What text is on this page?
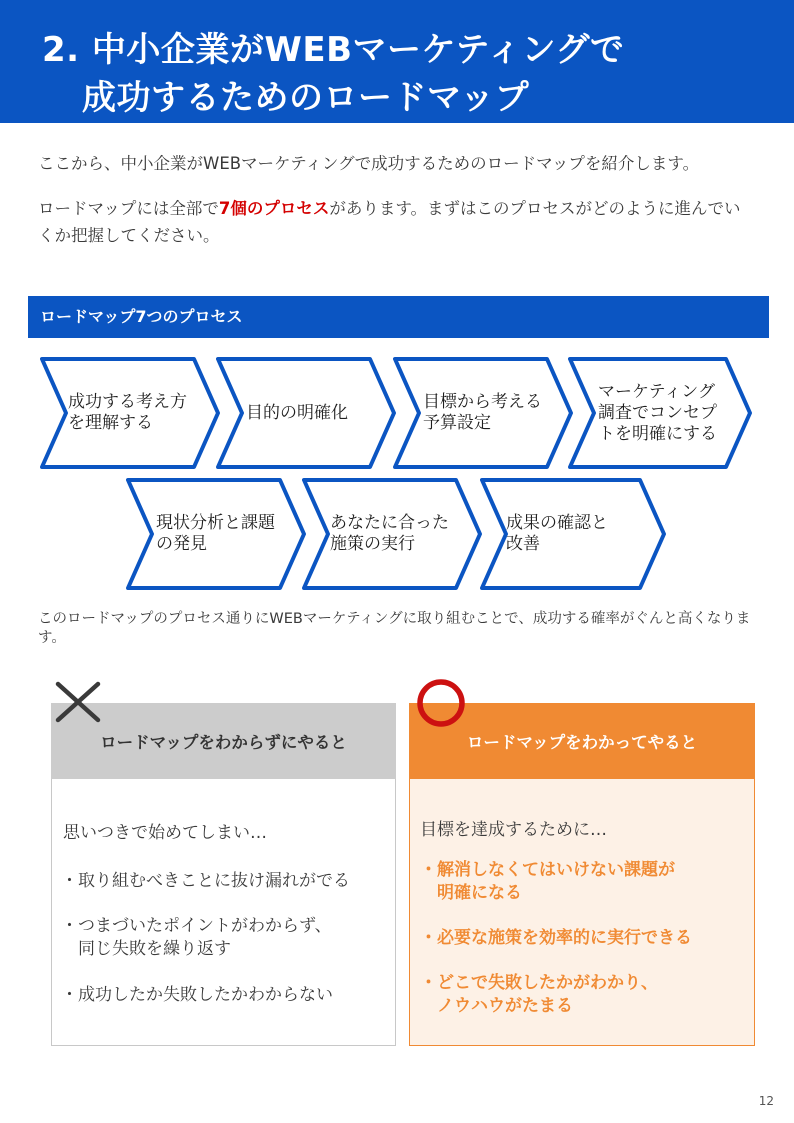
2. 中小企業がWEBマーケティングで
成功するためのロードマップ
ここから、中小企業がWEBマーケティングで成功するためのロードマップを紹介します。
ロードマップには全部で7個のプロセスがあります。まずはこのプロセスがどのように進んでいくか把握してください。
ロードマップ7つのプロセス
成功する考え方
を理解する
目的の明確化
目標から考える
予算設定
マーケティング
調査でコンセプ
トを明確にする
現状分析と課題
の発見
あなたに合った
施策の実行
成果の確認と
改善
このロードマップのプロセス通りにWEBマーケティングに取り組むことで、成功する確率がぐんと高くなります。
ロードマップをわからずにやると

思いつきで始めてしまい…

・取り組むべきことに抜け漏れがでる

・つまづいたポイントがわからず、
　同じ失敗を繰り返す

・成功したか失敗したかわからない

ロードマップをわかってやると

目標を達成するために…

・解消しなくてはいけない課題が
　明確になる

・必要な施策を効率的に実行できる

・どこで失敗したかがわかり、
　ノウハウがたまる

12
